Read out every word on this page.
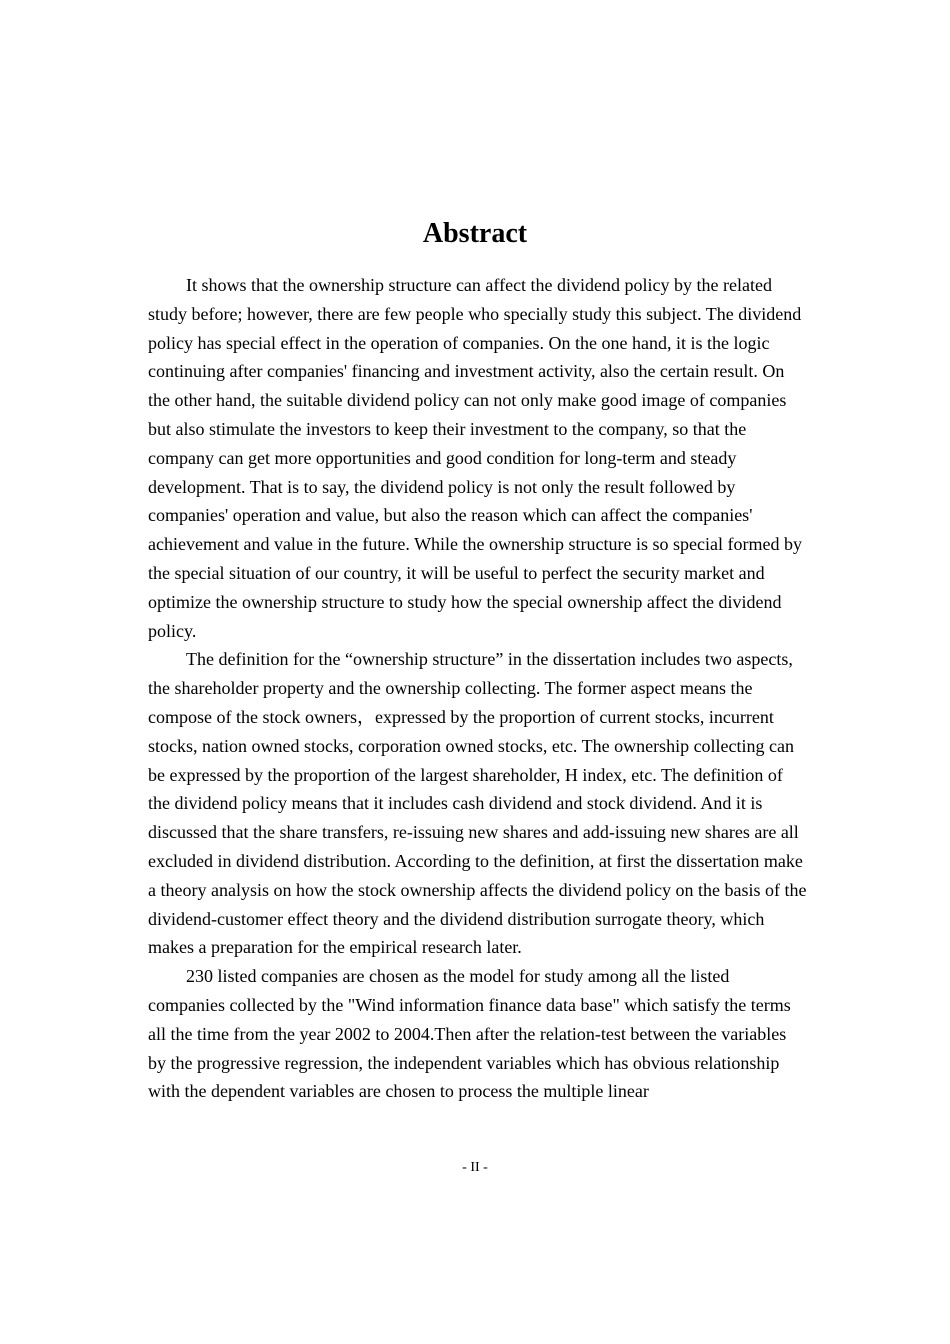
Abstract

It shows that the ownership structure can affect the dividend policy by the related study before; however, there are few people who specially study this subject. The dividend policy has special effect in the operation of companies. On the one hand, it is the logic continuing after companies' financing and investment activity, also the certain result. On the other hand, the suitable dividend policy can not only make good image of companies but also stimulate the investors to keep their investment to the company, so that the company can get more opportunities and good condition for long-term and steady development. That is to say, the dividend policy is not only the result followed by companies' operation and value, but also the reason which can affect the companies' achievement and value in the future. While the ownership structure is so special formed by the special situation of our country, it will be useful to perfect the security market and optimize the ownership structure to study how the special ownership affect the dividend policy.

The definition for the “ownership structure” in the dissertation includes two aspects, the shareholder property and the ownership collecting. The former aspect means the compose of the stock owners，expressed by the proportion of current stocks, incurrent stocks, nation owned stocks, corporation owned stocks, etc. The ownership collecting can be expressed by the proportion of the largest shareholder, H index, etc. The definition of the dividend policy means that it includes cash dividend and stock dividend. And it is discussed that the share transfers, re-issuing new shares and add-issuing new shares are all excluded in dividend distribution. According to the definition, at first the dissertation make a theory analysis on how the stock ownership affects the dividend policy on the basis of the dividend-customer effect theory and the dividend distribution surrogate theory, which makes a preparation for the empirical research later.

230 listed companies are chosen as the model for study among all the listed companies collected by the "Wind information finance data base" which satisfy the terms all the time from the year 2002 to 2004.Then after the relation-test between the variables by the progressive regression, the independent variables which has obvious relationship with the dependent variables are chosen to process the multiple linear

- II -
